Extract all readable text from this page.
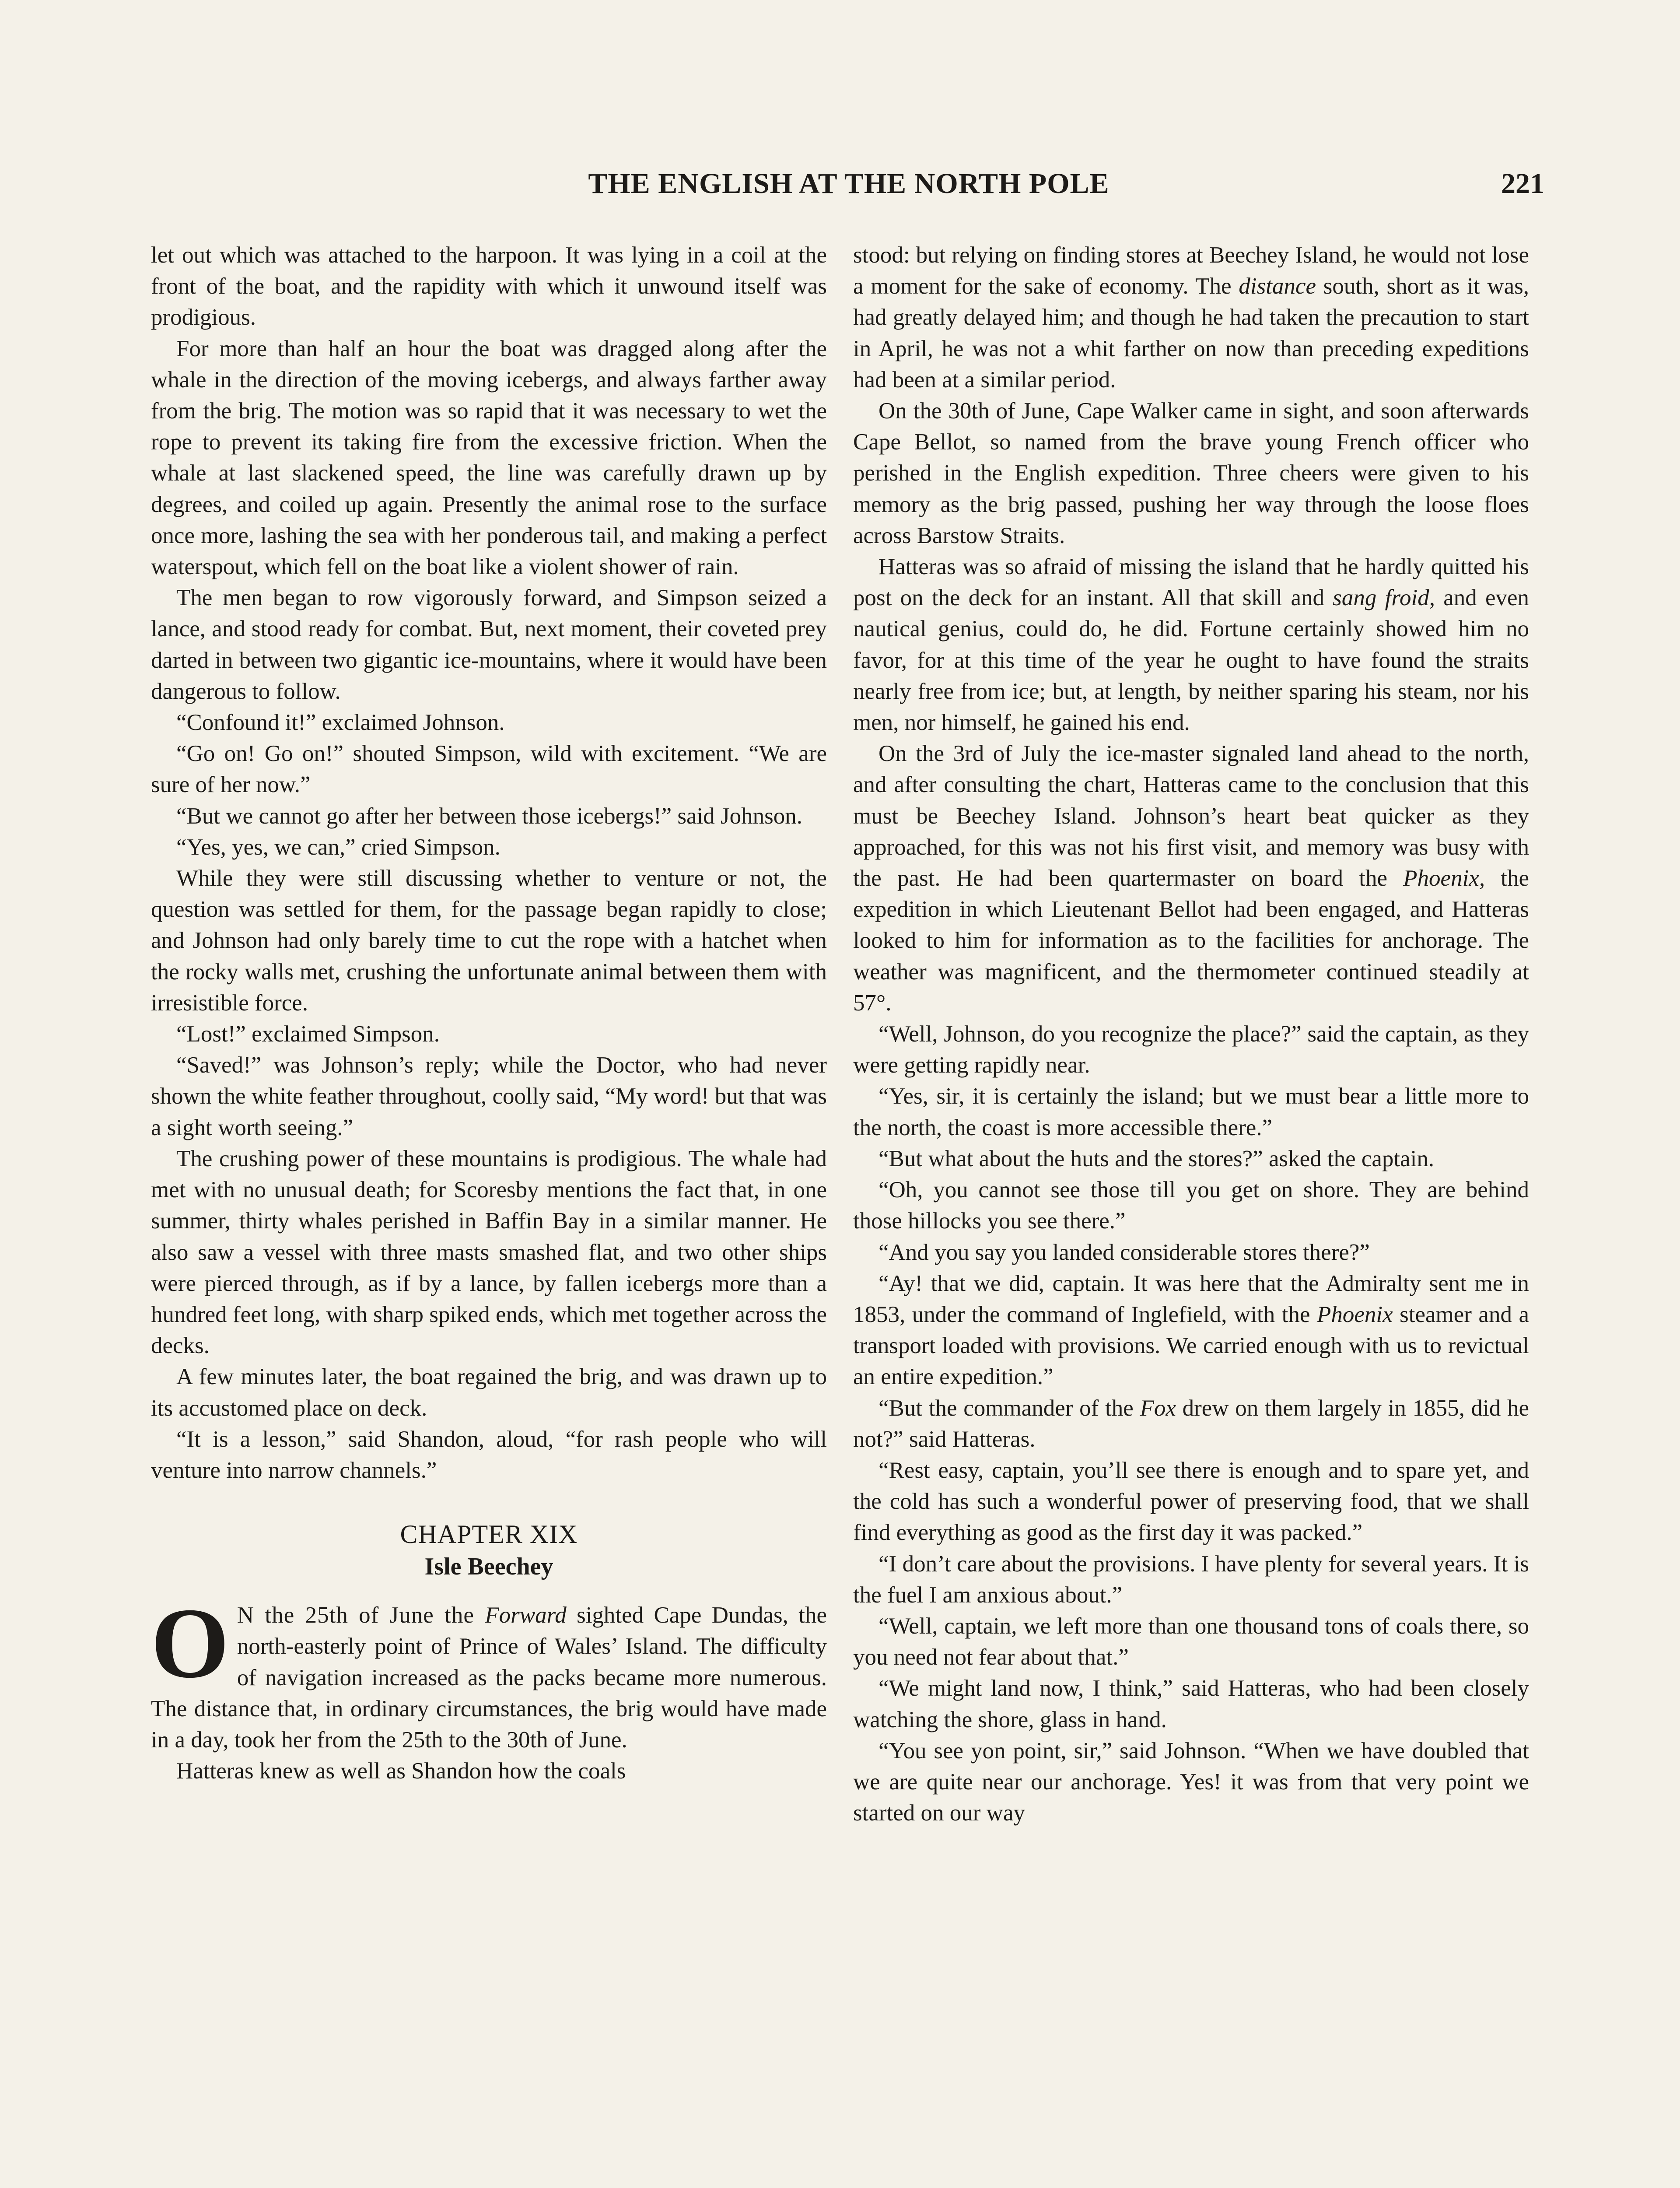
THE ENGLISH AT THE NORTH POLE	221

let out which was attached to the harpoon. It was lying in a coil at the front of the boat, and the rapidity with which it unwound itself was prodigious.

For more than half an hour the boat was dragged along after the whale in the direction of the moving icebergs, and always farther away from the brig. The motion was so rapid that it was necessary to wet the rope to prevent its taking fire from the excessive friction. When the whale at last slackened speed, the line was carefully drawn up by degrees, and coiled up again. Presently the animal rose to the surface once more, lashing the sea with her ponderous tail, and making a perfect waterspout, which fell on the boat like a violent shower of rain.

The men began to row vigorously forward, and Simpson seized a lance, and stood ready for combat. But, next moment, their coveted prey darted in between two gigantic ice-mountains, where it would have been dangerous to follow.

“Confound it!” exclaimed Johnson.

“Go on! Go on!” shouted Simpson, wild with excitement. “We are sure of her now.”

“But we cannot go after her between those icebergs!” said Johnson.

“Yes, yes, we can,” cried Simpson.

While they were still discussing whether to venture or not, the question was settled for them, for the passage began rapidly to close; and Johnson had only barely time to cut the rope with a hatchet when the rocky walls met, crushing the unfortunate animal between them with irresistible force.

“Lost!” exclaimed Simpson.

“Saved!” was Johnson’s reply; while the Doctor, who had never shown the white feather throughout, coolly said, “My word! but that was a sight worth seeing.”

The crushing power of these mountains is prodigious. The whale had met with no unusual death; for Scoresby mentions the fact that, in one summer, thirty whales perished in Baffin Bay in a similar manner. He also saw a vessel with three masts smashed flat, and two other ships were pierced through, as if by a lance, by fallen icebergs more than a hundred feet long, with sharp spiked ends, which met together across the decks.

A few minutes later, the boat regained the brig, and was drawn up to its accustomed place on deck.

“It is a lesson,” said Shandon, aloud, “for rash people who will venture into narrow channels.”

CHAPTER XIX
Isle Beechey

O N the 25th of June the Forward sighted Cape Dundas, the north-easterly point of Prince of Wales’ Island. The difficulty of navigation increased as the packs became more numerous. The distance that, in ordinary circumstances, the brig would have made in a day, took her from the 25th to the 30th of June.

Hatteras knew as well as Shandon how the coals

stood: but relying on finding stores at Beechey Island, he would not lose a moment for the sake of economy. The distance south, short as it was, had greatly delayed him; and though he had taken the precaution to start in April, he was not a whit farther on now than preceding expeditions had been at a similar period.

On the 30th of June, Cape Walker came in sight, and soon afterwards Cape Bellot, so named from the brave young French officer who perished in the English expedition. Three cheers were given to his memory as the brig passed, pushing her way through the loose floes across Barstow Straits.

Hatteras was so afraid of missing the island that he hardly quitted his post on the deck for an instant. All that skill and sang froid, and even nautical genius, could do, he did. Fortune certainly showed him no favor, for at this time of the year he ought to have found the straits nearly free from ice; but, at length, by neither sparing his steam, nor his men, nor himself, he gained his end.

On the 3rd of July the ice-master signaled land ahead to the north, and after consulting the chart, Hatteras came to the conclusion that this must be Beechey Island. Johnson’s heart beat quicker as they approached, for this was not his first visit, and memory was busy with the past. He had been quartermaster on board the Phoenix, the expedition in which Lieutenant Bellot had been engaged, and Hatteras looked to him for information as to the facilities for anchorage. The weather was magnificent, and the thermometer continued steadily at 57°.

“Well, Johnson, do you recognize the place?” said the captain, as they were getting rapidly near.

“Yes, sir, it is certainly the island; but we must bear a little more to the north, the coast is more accessible there.”

“But what about the huts and the stores?” asked the captain.

“Oh, you cannot see those till you get on shore. They are behind those hillocks you see there.”

“And you say you landed considerable stores there?”

“Ay! that we did, captain. It was here that the Admiralty sent me in 1853, under the command of Inglefield, with the Phoenix steamer and a transport loaded with provisions. We carried enough with us to revictual an entire expedition.”

“But the commander of the Fox drew on them largely in 1855, did he not?” said Hatteras.

“Rest easy, captain, you’ll see there is enough and to spare yet, and the cold has such a wonderful power of preserving food, that we shall find everything as good as the first day it was packed.”

“I don’t care about the provisions. I have plenty for several years. It is the fuel I am anxious about.”

“Well, captain, we left more than one thousand tons of coals there, so you need not fear about that.”

“We might land now, I think,” said Hatteras, who had been closely watching the shore, glass in hand.

“You see yon point, sir,” said Johnson. “When we have doubled that we are quite near our anchorage. Yes! it was from that very point we started on our way
